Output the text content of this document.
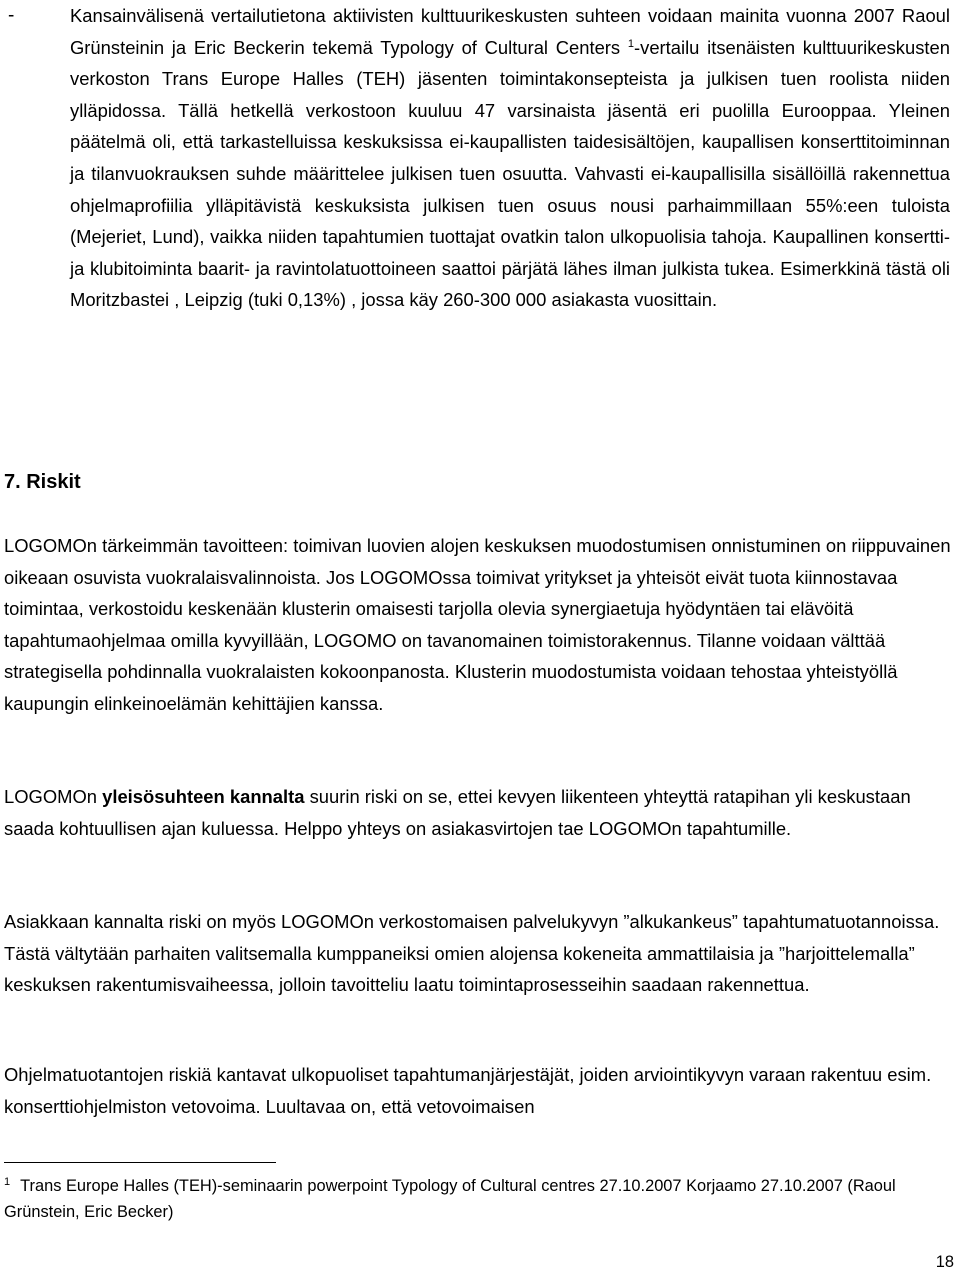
-	Kansainvälisenä vertailutietona aktiivisten kulttuurikeskusten suhteen voidaan mainita vuonna 2007 Raoul Grünsteinin ja Eric Beckerin tekemä Typology of Cultural Centers $^1$-vertailu itsenäisten kulttuurikeskusten verkoston Trans Europe Halles (TEH) jäsenten toimintakonsepteista ja julkisen tuen roolista niiden ylläpidossa. Tällä hetkellä verkostoon kuuluu 47 varsinaista jäsentä eri puolilla Eurooppaa. Yleinen päätelmä oli, että tarkastelluissa keskuksissa ei-kaupallisten taidesisältöjen, kaupallisen konserttitoiminnan ja tilanvuokrauksen suhde määrittelee julkisen tuen osuutta. Vahvasti ei-kaupallisilla sisällöillä rakennettua ohjelmaprofiilia ylläpitävistä keskuksista julkisen tuen osuus nousi parhaimmillaan 55%:een tuloista (Mejeriet, Lund), vaikka niiden tapahtumien tuottajat ovatkin talon ulkopuolisia tahoja. Kaupallinen konsertti- ja klubitoiminta baarit- ja ravintolatuottoineen saattoi pärjätä lähes ilman julkista tukea. Esimerkkinä tästä oli Moritzbastei , Leipzig (tuki 0,13%) , jossa käy 260-300 000 asiakasta vuosittain.
7. Riskit
LOGOMOn tärkeimmän tavoitteen: toimivan luovien alojen keskuksen muodostumisen onnistuminen on riippuvainen oikeaan osuvista vuokralaisvalinnoista. Jos LOGOMOssa toimivat yritykset ja yhteisöt eivät tuota kiinnostavaa toimintaa, verkostoidu keskenään klusterin omaisesti tarjolla olevia synergiaetuja hyödyntäen tai elävöitä tapahtumaohjelmaa omilla kyvyillään, LOGOMO on tavanomainen toimistorakennus. Tilanne voidaan välttää strategisella pohdinnalla vuokralaisten kokoonpanosta. Klusterin muodostumista voidaan tehostaa yhteistyöllä kaupungin elinkeinoelämän kehittäjien kanssa.
LOGOMOn yleisösuhteen kannalta suurin riski on se, ettei kevyen liikenteen yhteyttä ratapihan yli keskustaan saada kohtuullisen ajan kuluessa. Helppo yhteys on asiakasvirtojen tae LOGOMOn tapahtumille.
Asiakkaan kannalta riski on myös LOGOMOn verkostomaisen palvelukyvyn ”alkukankeus” tapahtumatuotannoissa. Tästä vältytään parhaiten valitsemalla kumppaneiksi omien alojensa kokeneita ammattilaisia ja ”harjoittelemalla” keskuksen rakentumisvaiheessa, jolloin tavoitteliu laatu toimintaprosesseihin saadaan rakennettua.
Ohjelmatuotantojen riskiä kantavat ulkopuoliset tapahtumanjärjestäjät, joiden arviointikyvyn varaan rakentuu esim. konserttiohjelmiston vetovoima. Luultavaa on, että vetovoimaisen
$^1$ Trans Europe Halles (TEH)-seminaarin powerpoint Typology of Cultural centres 27.10.2007 Korjaamo 27.10.2007 (Raoul Grünstein, Eric Becker)
18
